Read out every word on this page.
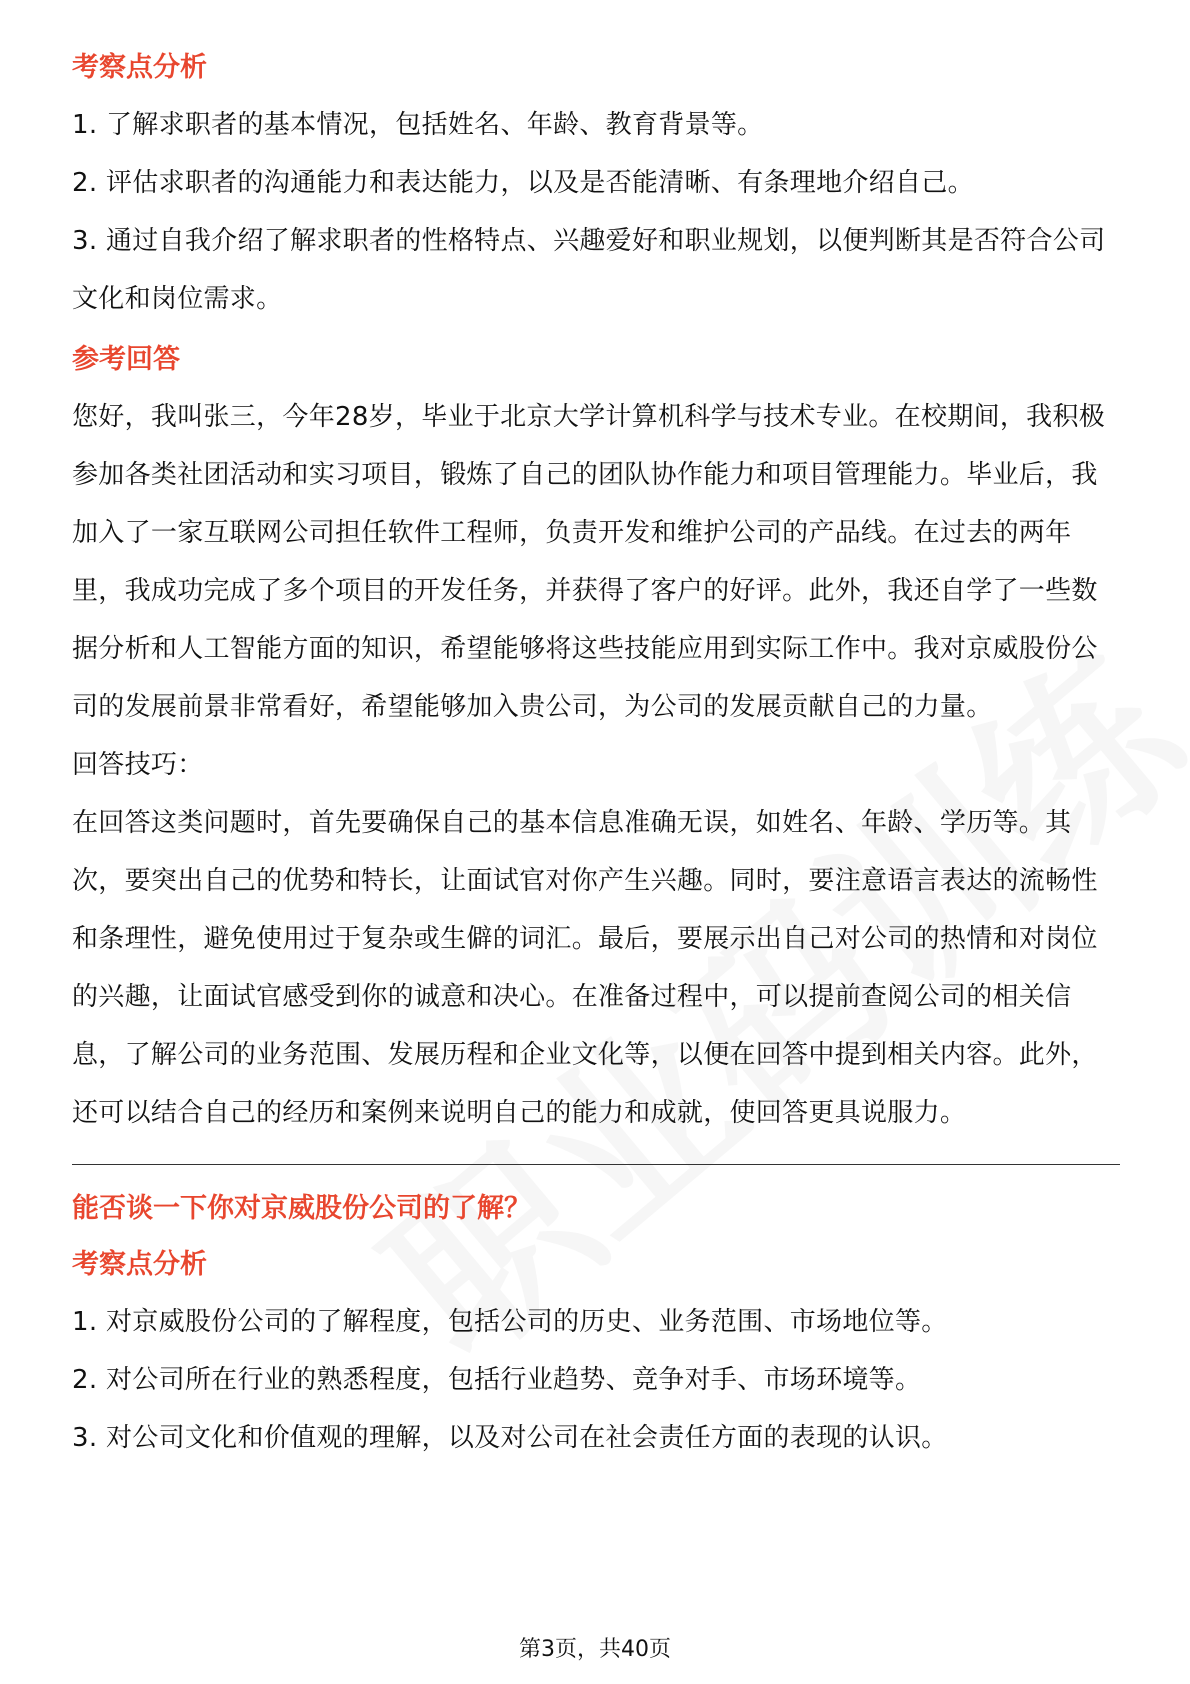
考察点分析

1. 了解求职者的基本情况，包括姓名、年龄、教育背景等。

2. 评估求职者的沟通能力和表达能力，以及是否能清晰、有条理地介绍自己。

3. 通过自我介绍了解求职者的性格特点、兴趣爱好和职业规划，以便判断其是否符合公司文化和岗位需求。

参考回答

您好，我叫张三，今年28岁，毕业于北京大学计算机科学与技术专业。在校期间，我积极参加各类社团活动和实习项目，锻炼了自己的团队协作能力和项目管理能力。毕业后，我加入了一家互联网公司担任软件工程师，负责开发和维护公司的产品线。在过去的两年里，我成功完成了多个项目的开发任务，并获得了客户的好评。此外，我还自学了一些数据分析和人工智能方面的知识，希望能够将这些技能应用到实际工作中。我对京威股份公司的发展前景非常看好，希望能够加入贵公司，为公司的发展贡献自己的力量。

回答技巧：

在回答这类问题时，首先要确保自己的基本信息准确无误，如姓名、年龄、学历等。其次，要突出自己的优势和特长，让面试官对你产生兴趣。同时，要注意语言表达的流畅性和条理性，避免使用过于复杂或生僻的词汇。最后，要展示出自己对公司的热情和对岗位的兴趣，让面试官感受到你的诚意和决心。在准备过程中，可以提前查阅公司的相关信息，了解公司的业务范围、发展历程和企业文化等，以便在回答中提到相关内容。此外，还可以结合自己的经历和案例来说明自己的能力和成就，使回答更具说服力。

能否谈一下你对京威股份公司的了解？
考察点分析

1. 对京威股份公司的了解程度，包括公司的历史、业务范围、市场地位等。

2. 对公司所在行业的熟悉程度，包括行业趋势、竞争对手、市场环境等。

3. 对公司文化和价值观的理解，以及对公司在社会责任方面的表现的认识。

第3页，共40页
